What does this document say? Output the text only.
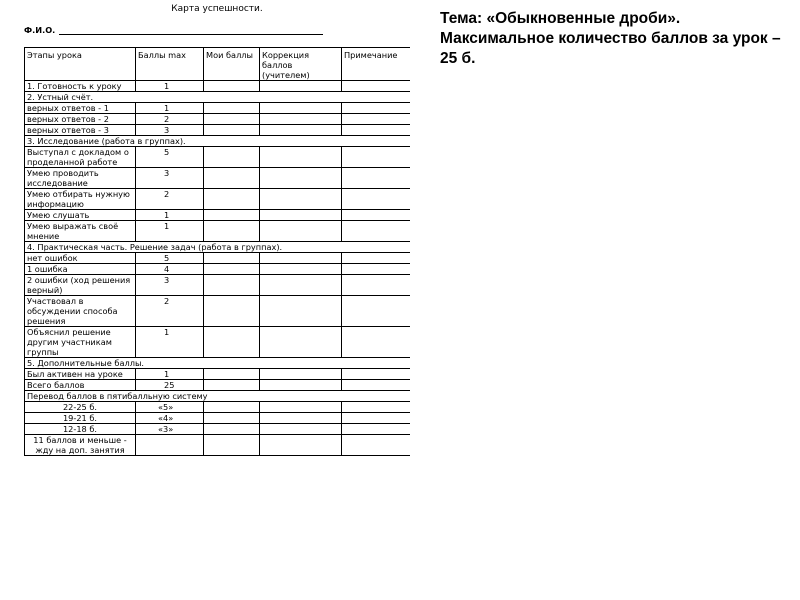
Карта успешности.
Ф.И.О.
Этапы урока	Баллы max	Мои баллы	Коррекция баллов (учителем)	Примечание
1. Готовность к уроку	1			
2. Устный счёт.				
верных ответов - 1	1			
верных ответов - 2	2			
верных ответов - 3	3			
3. Исследование (работа в группах).				
Выступал с докладом о проделанной работе	5			
Умею проводить исследование	3			
Умею отбирать нужную информацию	2			
Умею слушать	1			
Умею выражать своё мнение	1			
4. Практическая часть. Решение задач (работа в группах).				
нет ошибок	5			
1 ошибка	4			
2 ошибки (ход решения верный)	3			
Участвовал в обсуждении способа решения	2			
Объяснил решение другим участникам группы	1			
5. Дополнительные баллы.				
Был активен на уроке	1			
Всего баллов	25			
Перевод баллов в пятибалльную систему				
22-25 б.	«5»			
19-21 б.	«4»			
12-18 б.	«3»			
11 баллов и меньше - жду на доп. занятия				
Тема: «Обыкновенные дроби».
Максимальное количество баллов за урок – 25 б.
